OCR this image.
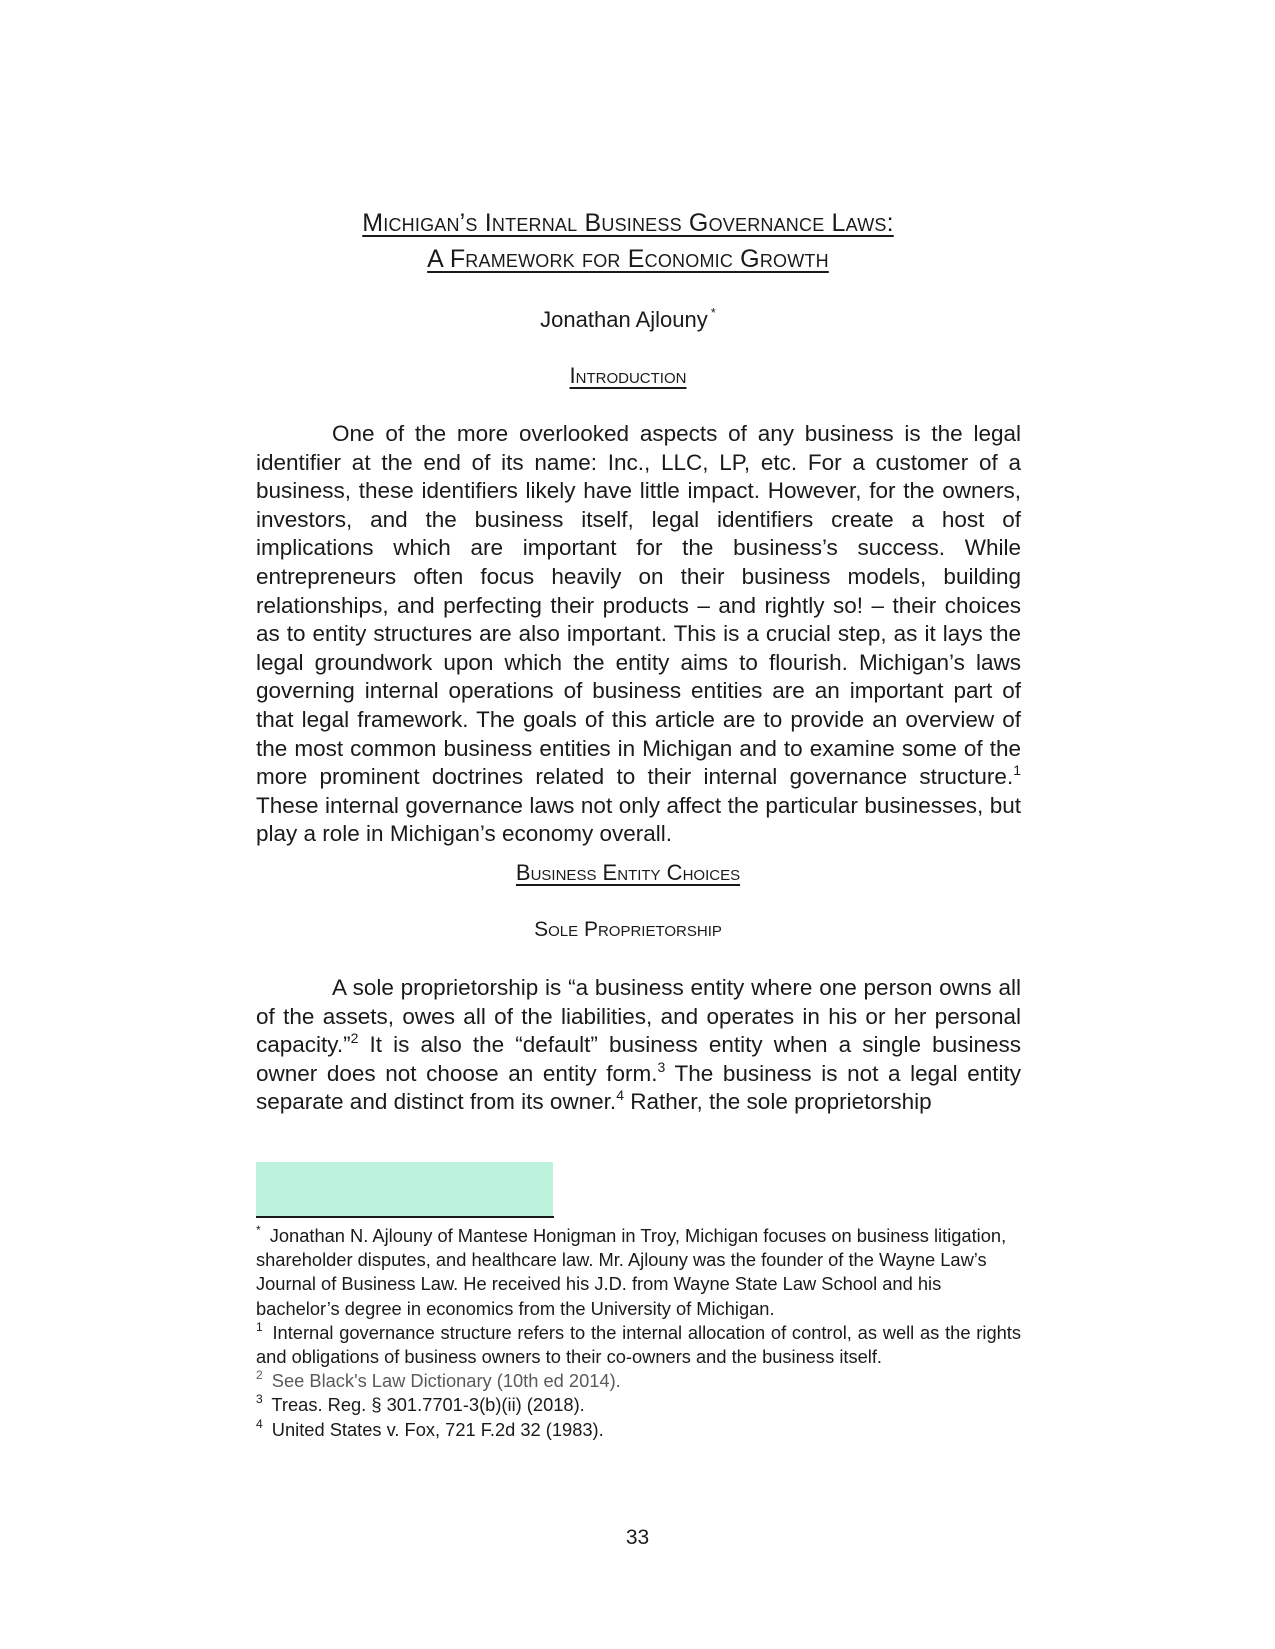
Michigan’s Internal Business Governance Laws:
A Framework for Economic Growth
Jonathan Ajlouny *
Introduction

One of the more overlooked aspects of any business is the legal identifier at the end of its name: Inc., LLC, LP, etc. For a customer of a business, these identifiers likely have little impact. However, for the owners, investors, and the business itself, legal identifiers create a host of implications which are important for the business’s success. While entrepreneurs often focus heavily on their business models, building relationships, and perfecting their products – and rightly so! – their choices as to entity structures are also important. This is a crucial step, as it lays the legal groundwork upon which the entity aims to flourish. Michigan’s laws governing internal operations of business entities are an important part of that legal framework. The goals of this article are to provide an overview of the most common business entities in Michigan and to examine some of the more prominent doctrines related to their internal governance structure.$^1$ These internal governance laws not only affect the particular businesses, but play a role in Michigan’s economy overall.

Business Entity Choices
Sole Proprietorship

A sole proprietorship is “a business entity where one person owns all of the assets, owes all of the liabilities, and operates in his or her personal capacity.”$^2$ It is also the “default” business entity when a single business owner does not choose an entity form.$^3$ The business is not a legal entity separate and distinct from its owner.$^4$ Rather, the sole proprietorship

* Jonathan N. Ajlouny of Mantese Honigman in Troy, Michigan focuses on business litigation, shareholder disputes, and healthcare law. Mr. Ajlouny was the founder of the Wayne Law’s Journal of Business Law. He received his J.D. from Wayne State Law School and his bachelor’s degree in economics from the University of Michigan.

$^1$ Internal governance structure refers to the internal allocation of control, as well as the rights and obligations of business owners to their co-owners and the business itself.

$^2$ See Black's Law Dictionary (10th ed 2014).

$^3$ Treas. Reg. § 301.7701-3(b)(ii) (2018).

$^4$ United States v. Fox, 721 F.2d 32 (1983).

33
